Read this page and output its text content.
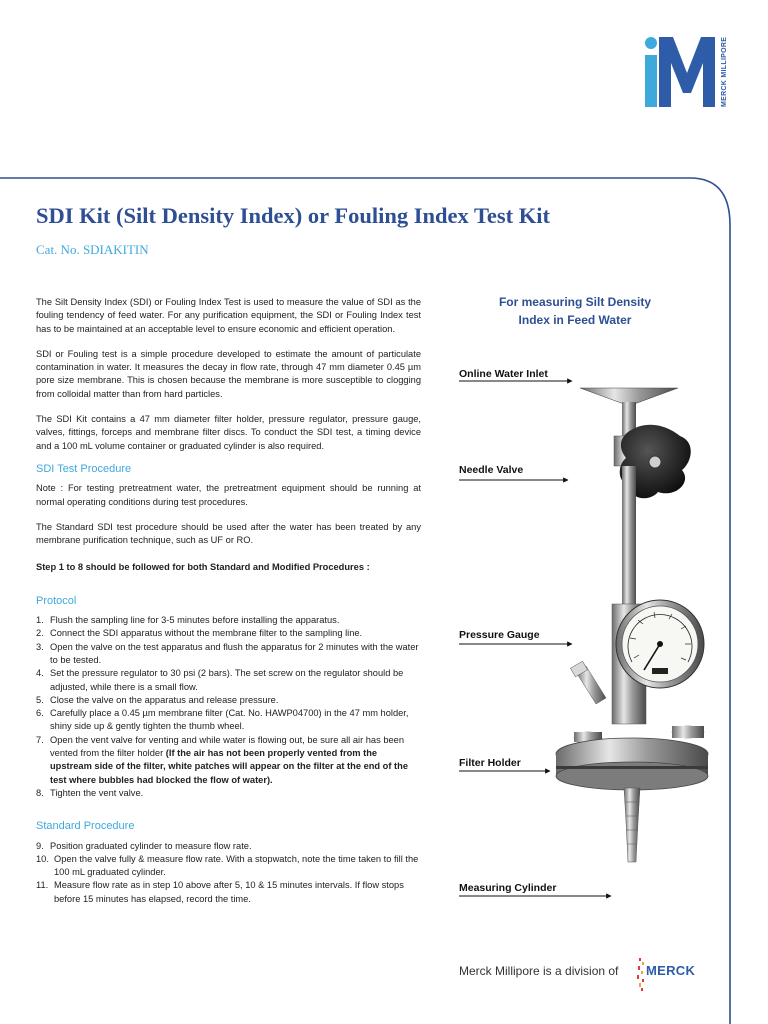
MERCK MILLIPORE
SDI Kit (Silt Density Index) or Fouling Index Test Kit
Cat. No. SDIAKITIN

The Silt Density Index (SDI) or Fouling Index Test is used to measure the value of SDI as the fouling tendency of feed water. For any purification equipment, the SDI or Fouling Index test has to be maintained at an acceptable level to ensure economic and efficient operation.

SDI or Fouling test is a simple procedure developed to estimate the amount of particulate contamination in water. It measures the decay in flow rate, through 47 mm diameter 0.45 µm pore size membrane. This is chosen because the membrane is more susceptible to clogging from colloidal matter than from hard particles.

The SDI Kit contains a 47 mm diameter filter holder, pressure regulator, pressure gauge, valves, fittings, forceps and membrane filter discs. To conduct the SDI test, a timing device and a 100 mL volume container or graduated cylinder is also required.

SDI Test Procedure

Note : For testing pretreatment water, the pretreatment equipment should be running at normal operating conditions during test procedures.

The Standard SDI test procedure should be used after the water has been treated by any membrane purification technique, such as UF or RO.

Step 1 to 8 should be followed for both Standard and Modified Procedures :

Protocol
1. Flush the sampling line for 3-5 minutes before installing the apparatus.
2. Connect the SDI apparatus without the membrane filter to the sampling line.
3. Open the valve on the test apparatus and flush the apparatus for 2 minutes with the water to be tested.
4. Set the pressure regulator to 30 psi (2 bars). The set screw on the regulator should be adjusted, while there is a small flow.
5. Close the valve on the apparatus and release pressure.
6. Carefully place a 0.45 µm membrane filter (Cat. No. HAWP04700) in the 47 mm holder, shiny side up & gently tighten the thumb wheel.
7. Open the vent valve for venting and while water is flowing out, be sure all air has been vented from the filter holder (If the air has not been properly vented from the upstream side of the filter, white patches will appear on the filter at the end of the test where bubbles had blocked the flow of water).
8. Tighten the vent valve.
Standard Procedure
9. Position graduated cylinder to measure flow rate.
10. Open the valve fully & measure flow rate. With a stopwatch, note the time taken to fill the 100 mL graduated cylinder.
11. Measure flow rate as in step 10 above after 5, 10 & 15 minutes intervals. If flow stops before 15 minutes has elapsed, record the time.
For measuring Silt Density
Index in Feed Water
Online Water Inlet
Needle Valve
Pressure Gauge
Filter Holder
Measuring Cylinder
Merck Millipore is a division of MERCK
